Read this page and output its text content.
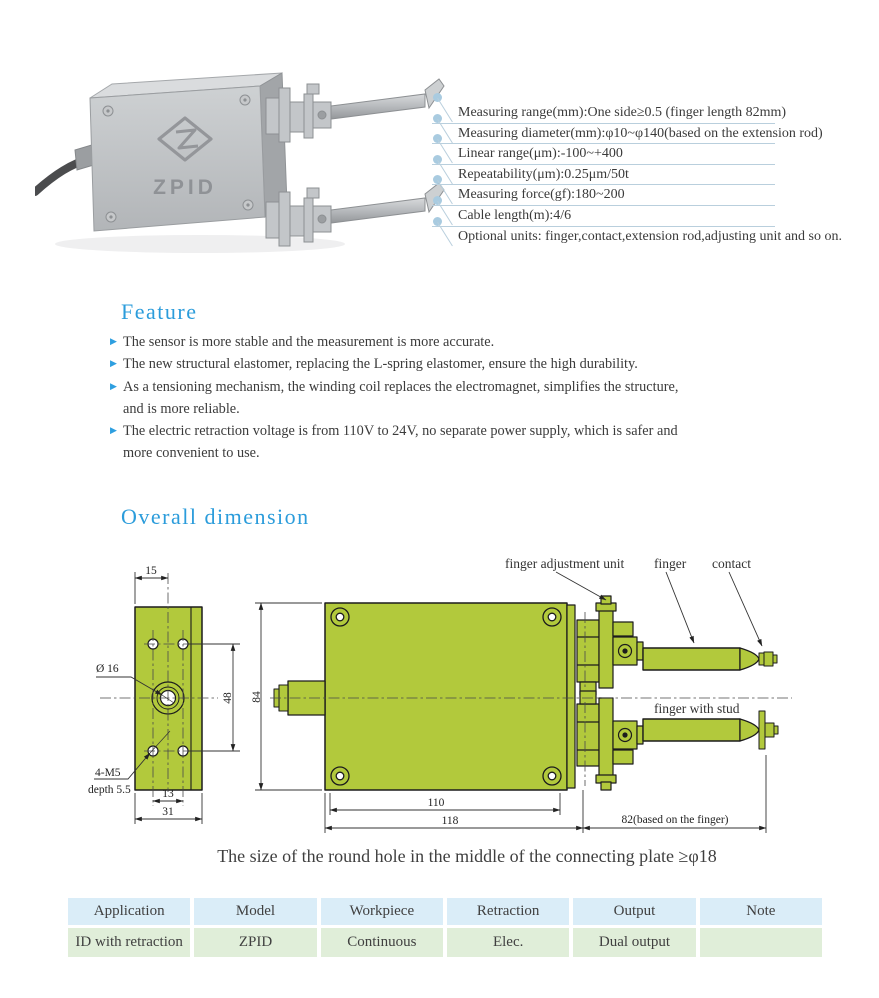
ZPID
Measuring range(mm):One side≥0.5 (finger length 82mm)
Measuring diameter(mm):φ10~φ140(based on the extension rod)
Linear range(μm):-100~+400
Repeatability(μm):0.25μm/50t
Measuring force(gf):180~200
Cable length(m):4/6
Optional units: finger,contact,extension rod,adjusting unit and so on.
Feature
▶ The sensor is more stable and the measurement is more accurate.
▶ The new structural elastomer, replacing the L-spring elastomer, ensure the high durability.
▶ As a tensioning mechanism, the winding coil replaces the electromagnet, simplifies the structure, and is more reliable.
▶ The electric retraction voltage is from 110V to 24V, no separate power supply, which is safer and more convenient to use.
Overall dimension
15
Ø 16
48
4-M5
depth 5.5	13
31
84
110
118	82(based on the finger)
finger adjustment unit finger contact
finger with stud
The size of the round hole in the middle of the connecting plate ≥φ18
Application	Model	Workpiece	Retraction	Output	Note
ID with retraction	ZPID	Continuous	Elec.	Dual output
